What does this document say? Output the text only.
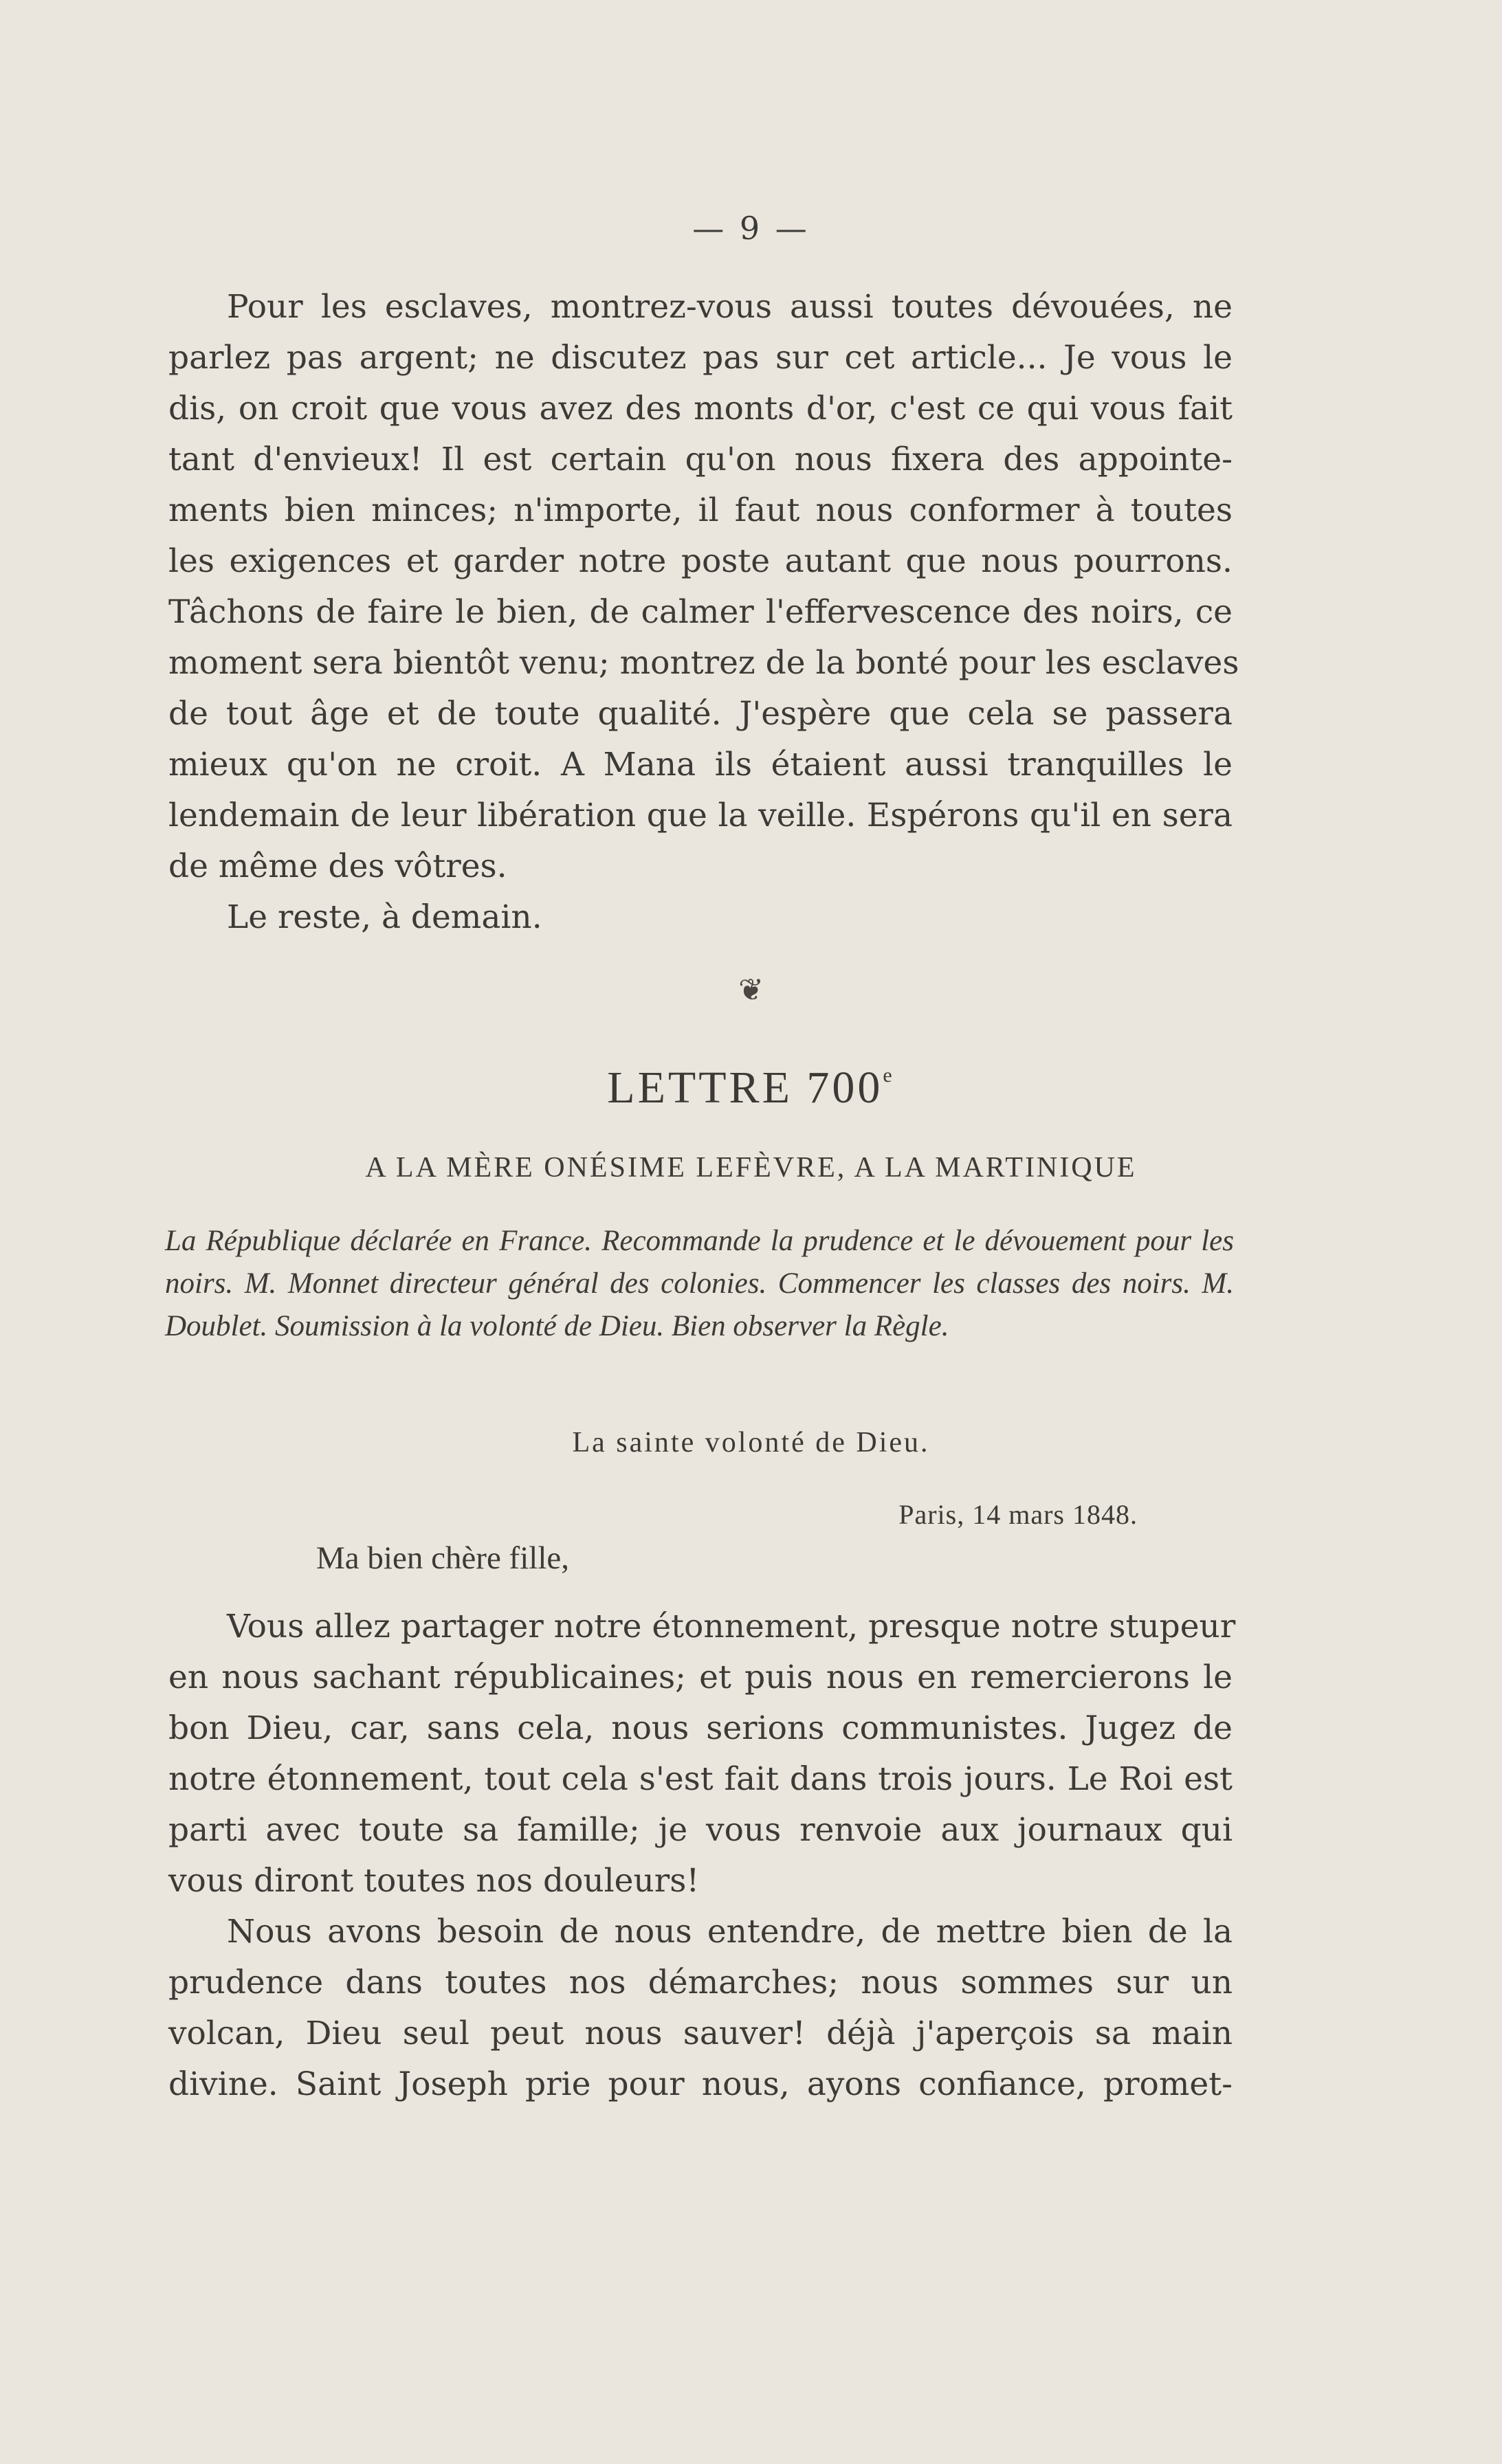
— 9 —
Pour les esclaves, montrez-vous aussi toutes dévouées, ne
parlez pas argent; ne discutez pas sur cet article... Je vous le
dis, on croit que vous avez des monts d'or, c'est ce qui vous fait
tant d'envieux! Il est certain qu'on nous fixera des appointe-
ments bien minces; n'importe, il faut nous conformer à toutes
les exigences et garder notre poste autant que nous pourrons.
Tâchons de faire le bien, de calmer l'effervescence des noirs, ce
moment sera bientôt venu; montrez de la bonté pour les esclaves
de tout âge et de toute qualité. J'espère que cela se passera
mieux qu'on ne croit. A Mana ils étaient aussi tranquilles le
lendemain de leur libération que la veille. Espérons qu'il en sera
de même des vôtres.
Le reste, à demain.
❦
LETTRE 700e
A LA MÈRE ONÉSIME LEFÈVRE, A LA MARTINIQUE
La République déclarée en France. Recommande la prudence et le dévouement pour les noirs. M. Monnet directeur général des colonies. Commencer les classes des noirs. M. Doublet. Soumission à la volonté de Dieu. Bien observer la Règle.
La sainte volonté de Dieu.
Paris, 14 mars 1848.
Ma bien chère fille,
Vous allez partager notre étonnement, presque notre stupeur
en nous sachant républicaines; et puis nous en remercierons le
bon Dieu, car, sans cela, nous serions communistes. Jugez de
notre étonnement, tout cela s'est fait dans trois jours. Le Roi est
parti avec toute sa famille; je vous renvoie aux journaux qui
vous diront toutes nos douleurs!
Nous avons besoin de nous entendre, de mettre bien de la
prudence dans toutes nos démarches; nous sommes sur un
volcan, Dieu seul peut nous sauver! déjà j'aperçois sa main
divine. Saint Joseph prie pour nous, ayons confiance, promet-
